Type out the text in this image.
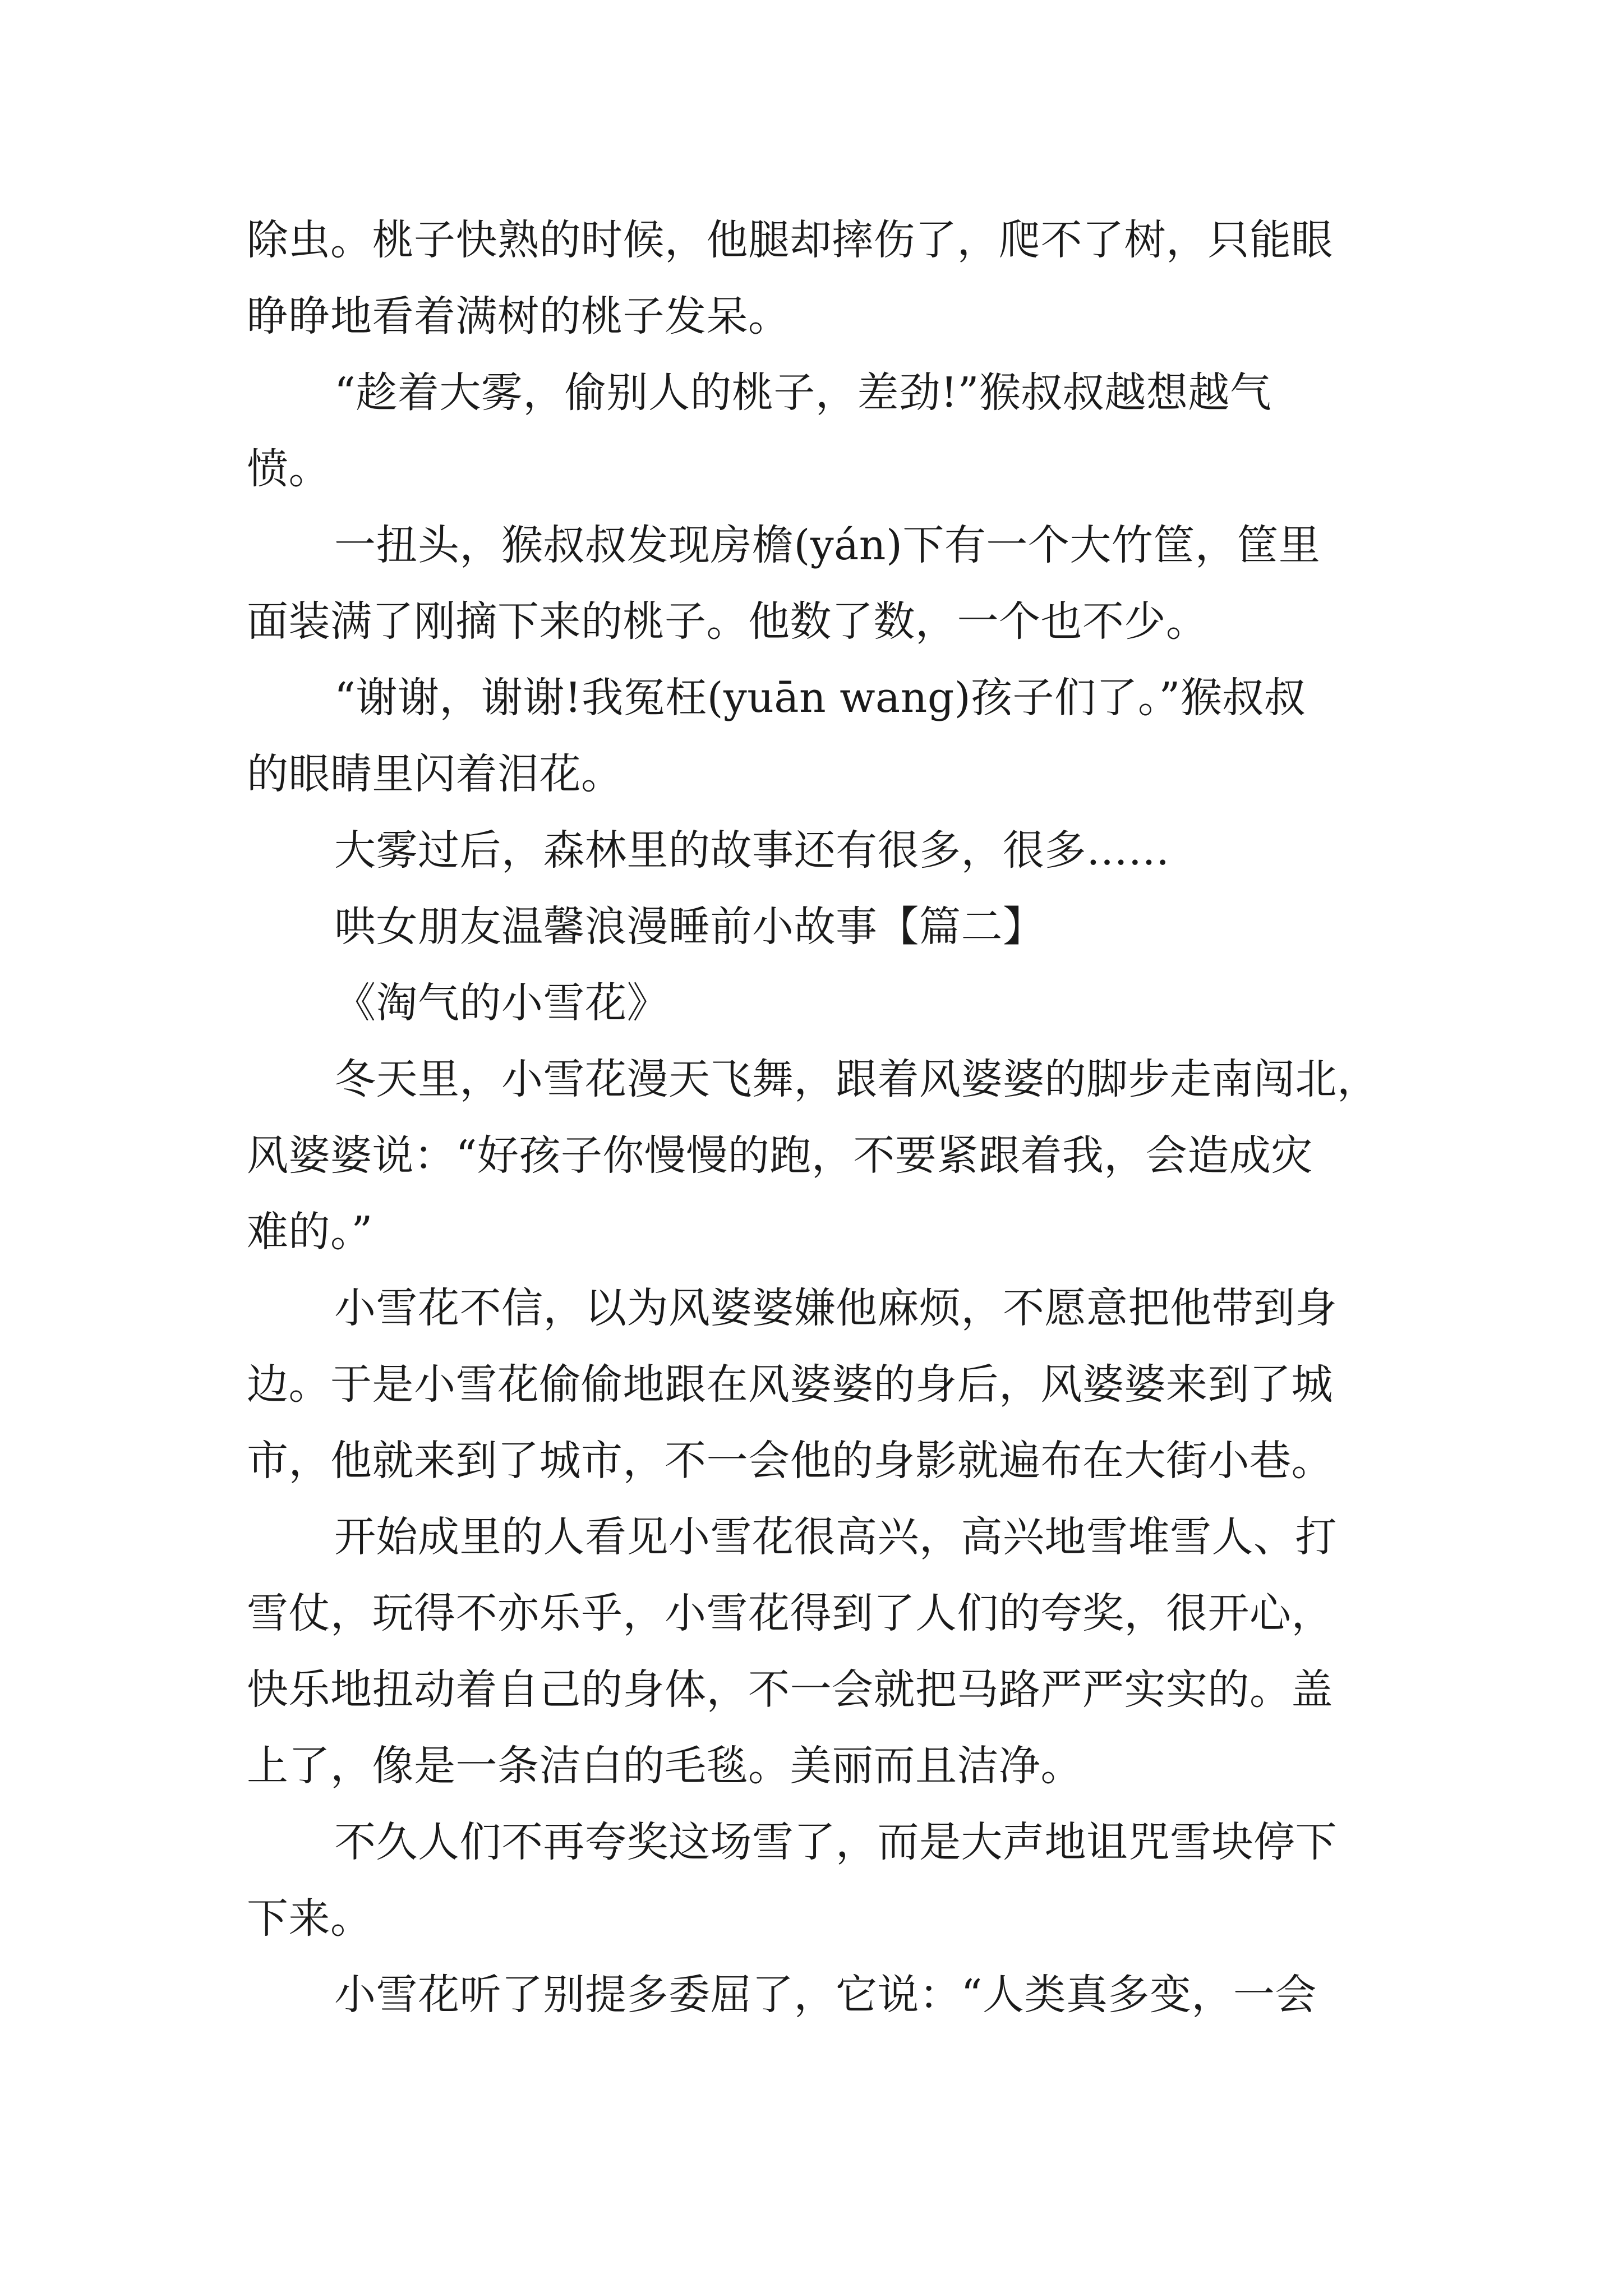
除虫。桃子快熟的时候，他腿却摔伤了，爬不了树，只能眼
睁睁地看着满树的桃子发呆。
“趁着大雾，偷别人的桃子，差劲!”猴叔叔越想越气
愤。
一扭头，猴叔叔发现房檐(yán)下有一个大竹筐，筐里
面装满了刚摘下来的桃子。他数了数，一个也不少。
“谢谢，谢谢!我冤枉(yuān wang)孩子们了。”猴叔叔
的眼睛里闪着泪花。
大雾过后，森林里的故事还有很多，很多……
哄女朋友温馨浪漫睡前小故事【篇二】
《淘气的小雪花》
冬天里，小雪花漫天飞舞，跟着风婆婆的脚步走南闯北，
风婆婆说：“好孩子你慢慢的跑，不要紧跟着我，会造成灾
难的。”
小雪花不信，以为风婆婆嫌他麻烦，不愿意把他带到身
边。于是小雪花偷偷地跟在风婆婆的身后，风婆婆来到了城
市，他就来到了城市，不一会他的身影就遍布在大街小巷。
开始成里的人看见小雪花很高兴，高兴地雪堆雪人、打
雪仗，玩得不亦乐乎，小雪花得到了人们的夸奖，很开心，
快乐地扭动着自己的身体，不一会就把马路严严实实的。盖
上了，像是一条洁白的毛毯。美丽而且洁净。
不久人们不再夸奖这场雪了，而是大声地诅咒雪块停下
下来。
小雪花听了别提多委屈了，它说：“人类真多变，一会
